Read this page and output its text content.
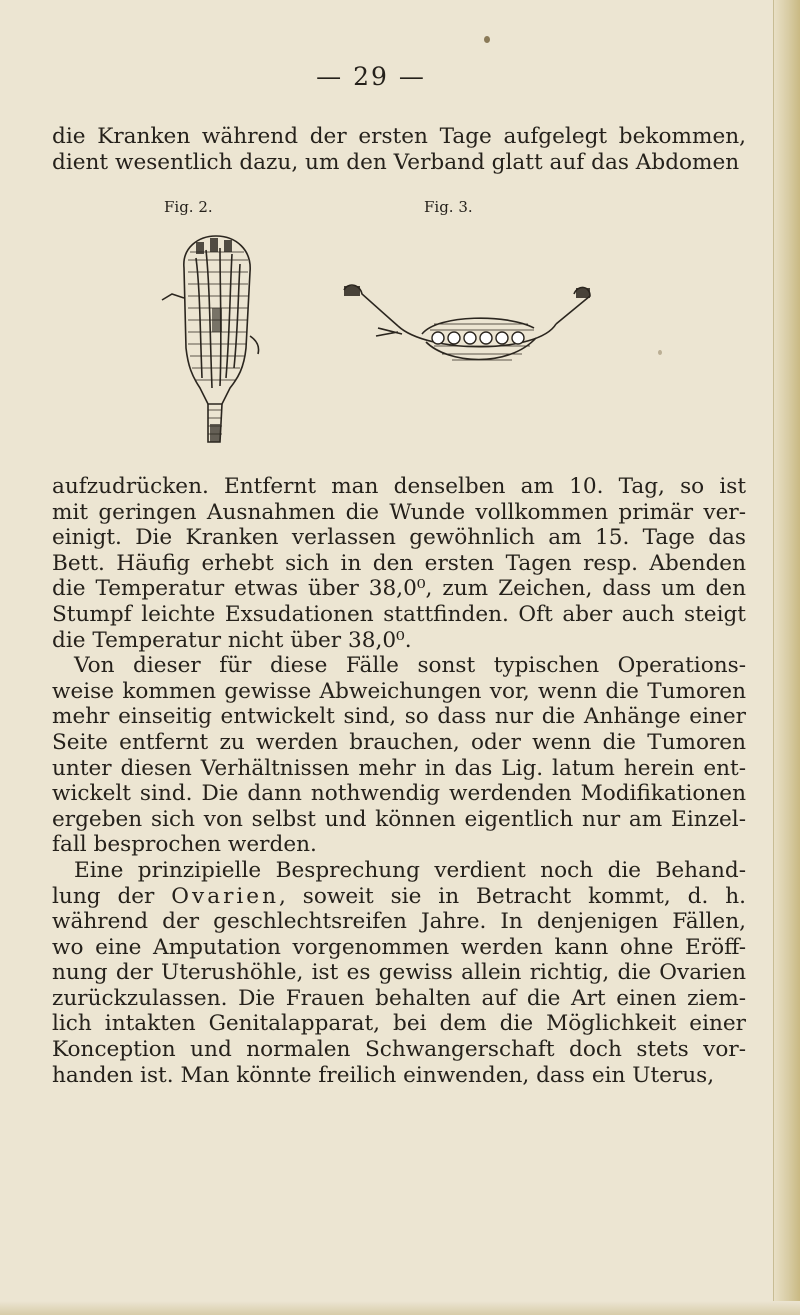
— 29 —
die Kranken während der ersten Tage aufgelegt bekommen,
dient wesentlich dazu, um den Verband glatt auf das Abdomen
Fig. 2.	Fig. 3.
aufzudrücken. Entfernt man denselben am 10. Tag, so ist
mit geringen Ausnahmen die Wunde vollkommen primär ver-
einigt. Die Kranken verlassen gewöhnlich am 15. Tage das
Bett. Häufig erhebt sich in den ersten Tagen resp. Abenden
die Temperatur etwas über 38,0⁰, zum Zeichen, dass um den
Stumpf leichte Exsudationen stattfinden. Oft aber auch steigt
die Temperatur nicht über 38,0⁰.
Von dieser für diese Fälle sonst typischen Operations-
weise kommen gewisse Abweichungen vor, wenn die Tumoren
mehr einseitig entwickelt sind, so dass nur die Anhänge einer
Seite entfernt zu werden brauchen, oder wenn die Tumoren
unter diesen Verhältnissen mehr in das Lig. latum herein ent-
wickelt sind. Die dann nothwendig werdenden Modifikationen
ergeben sich von selbst und können eigentlich nur am Einzel-
fall besprochen werden.
Eine prinzipielle Besprechung verdient noch die Behand-
lung der Ovarien, soweit sie in Betracht kommt, d. h.
während der geschlechtsreifen Jahre. In denjenigen Fällen,
wo eine Amputation vorgenommen werden kann ohne Eröff-
nung der Uterushöhle, ist es gewiss allein richtig, die Ovarien
zurückzulassen. Die Frauen behalten auf die Art einen ziem-
lich intakten Genitalapparat, bei dem die Möglichkeit einer
Konception und normalen Schwangerschaft doch stets vor-
handen ist. Man könnte freilich einwenden, dass ein Uterus,
